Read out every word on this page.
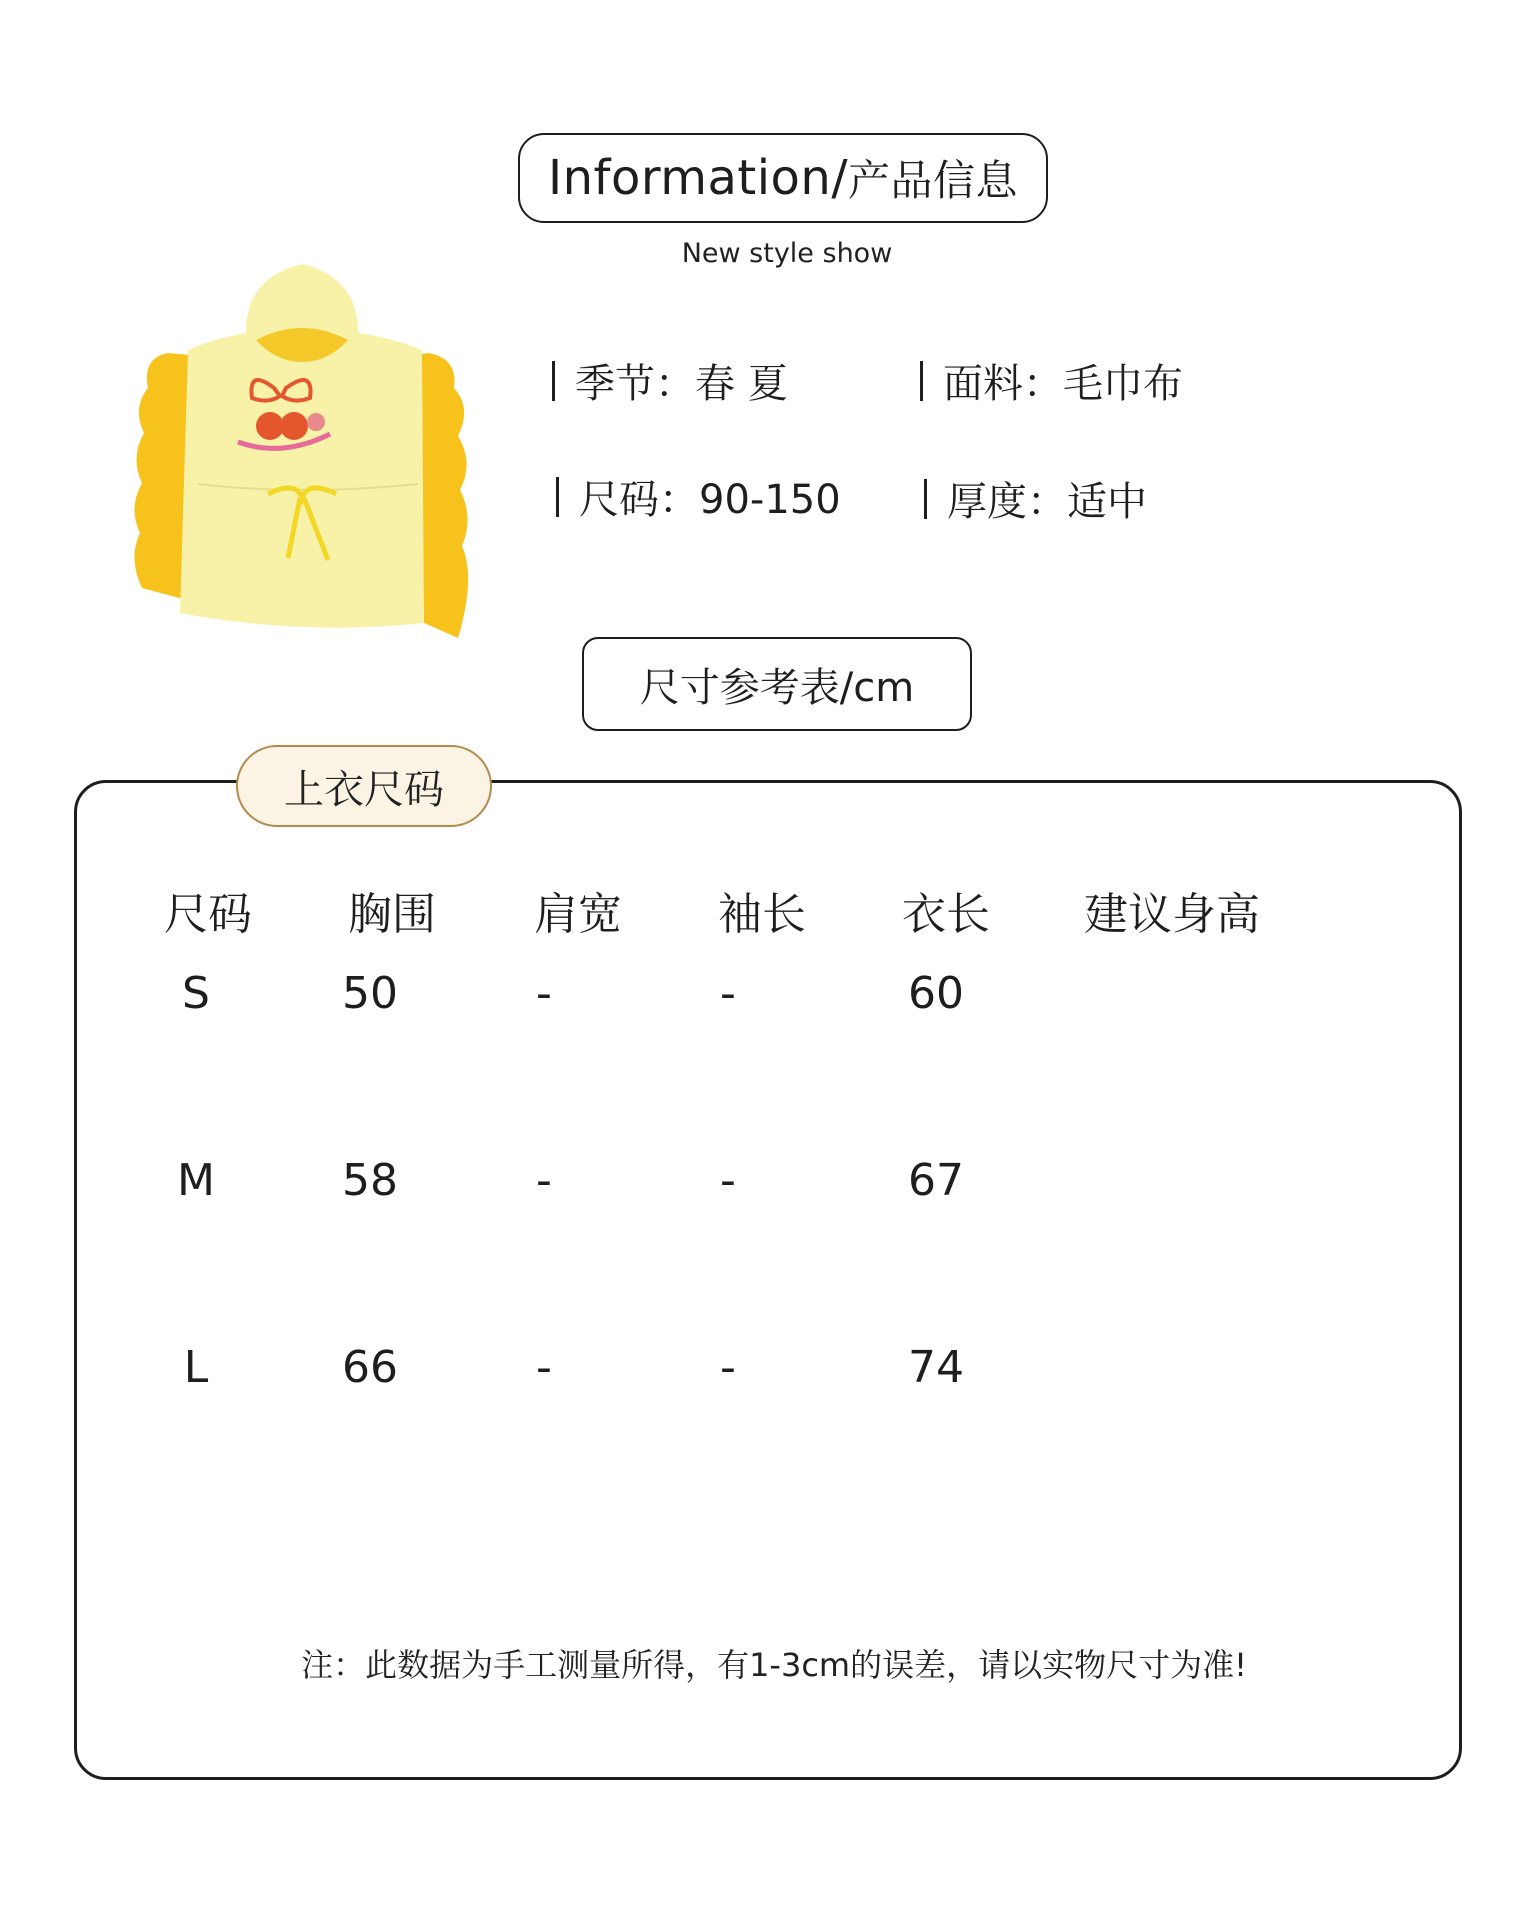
Information/ 产品信息
New style show
季节：春 夏	面料：毛巾布
尺码：90-150	厚度：适中
尺寸参考表/cm
上衣尺码
尺码 胸围 肩宽 袖长 衣长 建议身高
S	50	-	-	60
M	58	-	-	67
L	66	-	-	74
注：此数据为手工测量所得，有1-3cm的误差，请以实物尺寸为准!
